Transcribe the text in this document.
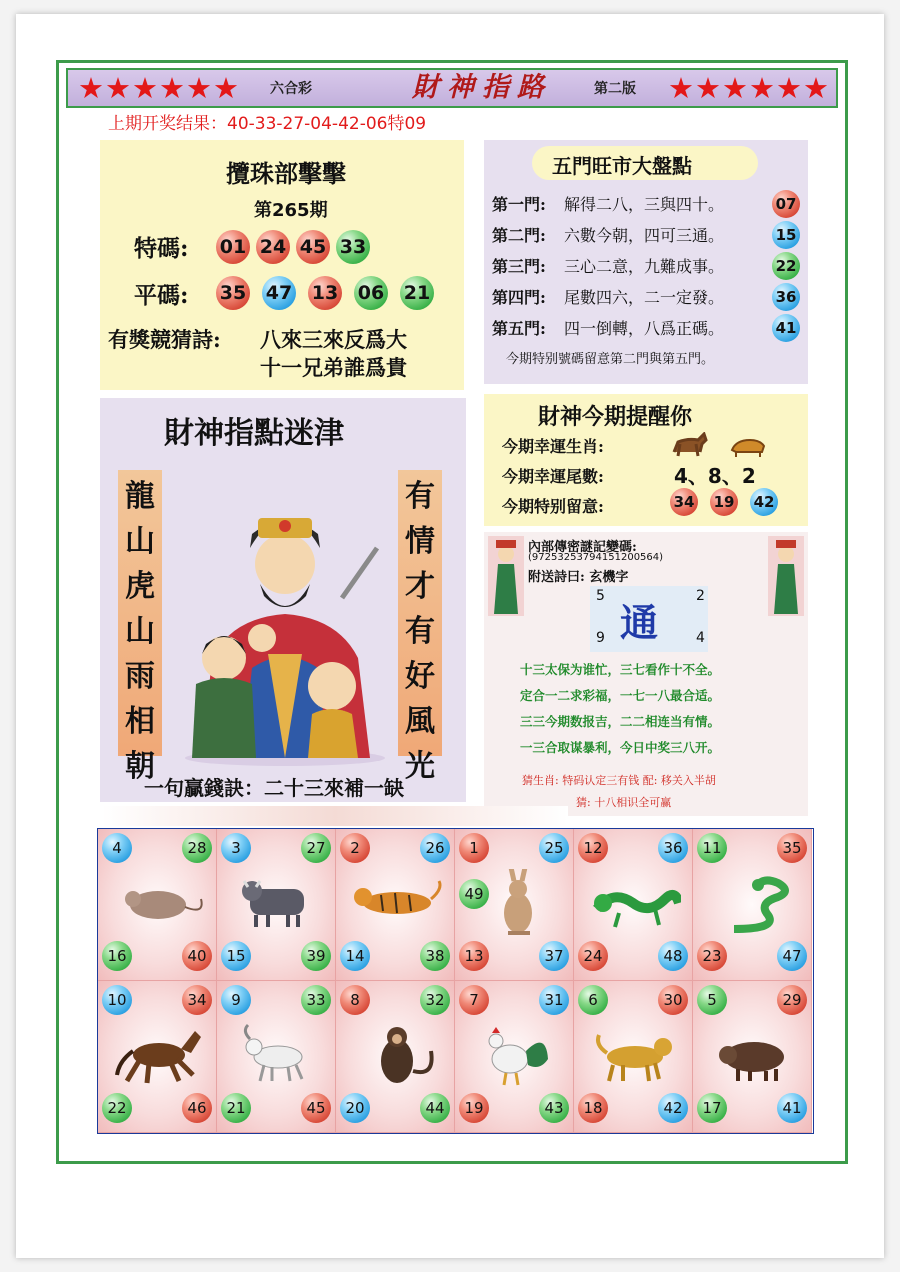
★★★★★★ 六合彩	財神指路	第二版 ★★★★★★
上期开奖结果：40-33-27-04-42-06特09
攬珠部擊擊
第265期
特碼:
平碼:
有獎競猜詩: 八來三來反爲大
十一兄弟誰爲貴
01 24 45 33
35 47 13 06 21
五門旺市大盤點
今期特别號碼留意第二門與第五門。
第一門: 解得二八，三與四十。	07
第二門: 六數今朝，四可三通。	15
第三門: 三心二意，九難成事。	22
第四門: 尾數四六，二一定發。	36
第五門: 四一倒轉，八爲正碼。	41
財神指點迷津
龍
山
虎
山
雨
相
朝
有
情
才
有
好
風
光
一句贏錢訣：二十三來補一缺
財神今期提醒你
今期幸運生肖:
今期幸運尾數:	4、8、2
今期特别留意:	34 19 42
內部傳密謎記變碼:
(9725325379415120056​4)
附送詩曰: 玄機字
5	2
9	4
通
猜生肖: 特码认定三有钱 配: 移关入半胡
猜: 十八相识全可赢
十三太保为谁忙，三七看作十不全。
定合一二求彩福，一七一八最合适。
三三今期数报吉，二二相连当有情。
一三合取谋暴利，今日中奖三八开。
4	28
16	40
3	27
15	39
2	26
14	38
1	25
13	37
49
12	36
24	48
11	35
23	47
10	34
22	46
9	33
21	45
8	32
20	44
7	31
19	43
6	30
18	42
5	29
17	41
